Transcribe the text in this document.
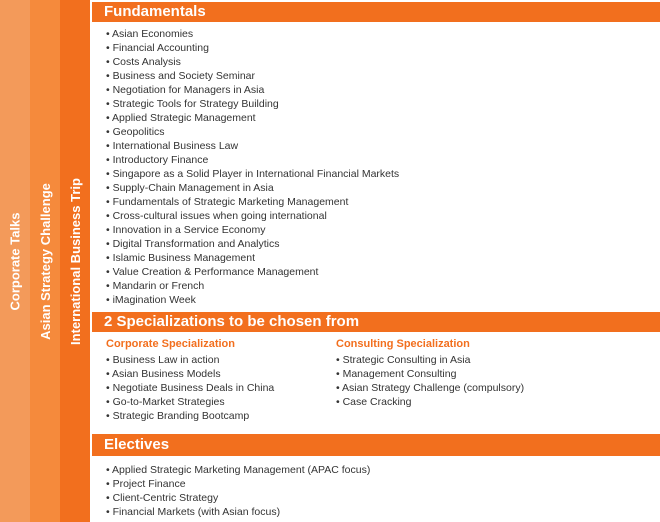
Corporate Talks Asian Strategy Challenge International Business Trip
Fundamentals
• Asian Economies
• Financial Accounting
• Costs Analysis
• Business and Society Seminar
• Negotiation for Managers in Asia
• Strategic Tools for Strategy Building
• Applied Strategic Management
• Geopolitics
• International Business Law
• Introductory Finance
• Singapore as a Solid Player in International Financial Markets
• Supply-Chain Management in Asia
• Fundamentals of Strategic Marketing Management
• Cross-cultural issues when going international
• Innovation in a Service Economy
• Digital Transformation and Analytics
• Islamic Business Management
• Value Creation & Performance Management
• Mandarin or French
• iMagination Week
2 Specializations to be chosen from
Corporate Specialization
• Business Law in action
• Asian Business Models
• Negotiate Business Deals in China
• Go-to-Market Strategies
• Strategic Branding Bootcamp
Consulting Specialization
• Strategic Consulting in Asia
• Management Consulting
• Asian Strategy Challenge (compulsory)
• Case Cracking
Electives
• Applied Strategic Marketing Management (APAC focus)
• Project Finance
• Client-Centric Strategy
• Financial Markets (with Asian focus)
